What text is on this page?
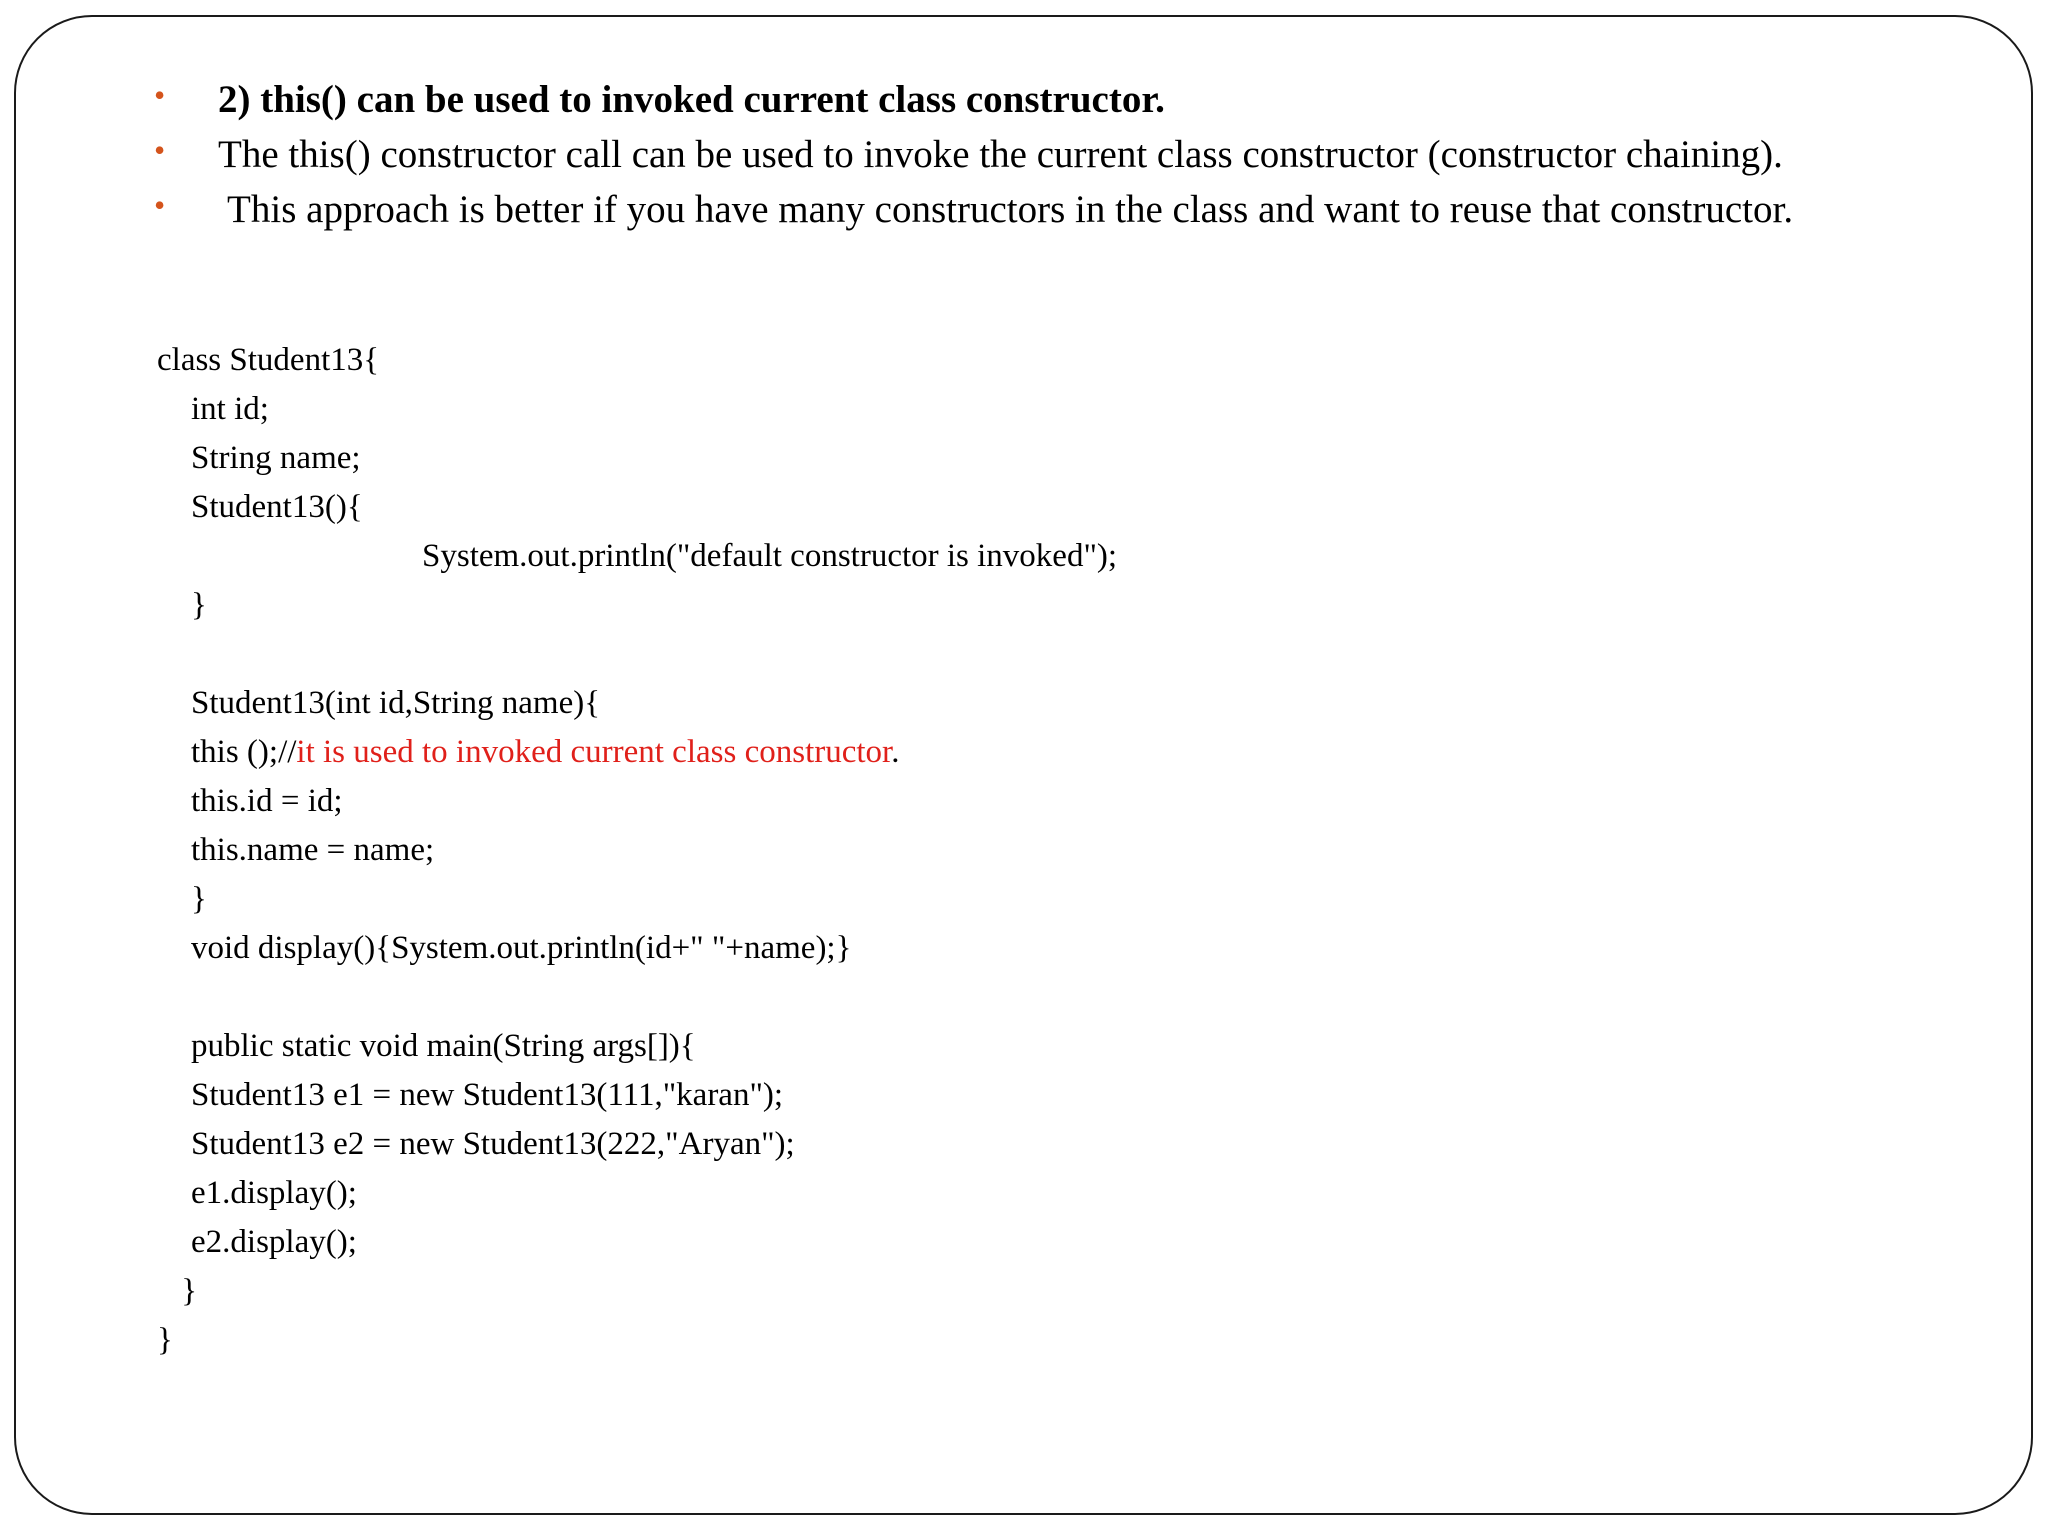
• 2) this() can be used to invoked current class constructor.
• The this() constructor call can be used to invoke the current class constructor (constructor chaining).
• This approach is better if you have many constructors in the class and want to reuse that constructor.
class Student13{
int id;
String name;
Student13(){
System.out.println("default constructor is invoked");
}
Student13(int id,String name){
this ();//it is used to invoked current class constructor.
this.id = id;
this.name = name;
}
void display(){System.out.println(id+" "+name);}
public static void main(String args[]){
Student13 e1 = new Student13(111,"karan");
Student13 e2 = new Student13(222,"Aryan");
e1.display();
e2.display();
}
}
